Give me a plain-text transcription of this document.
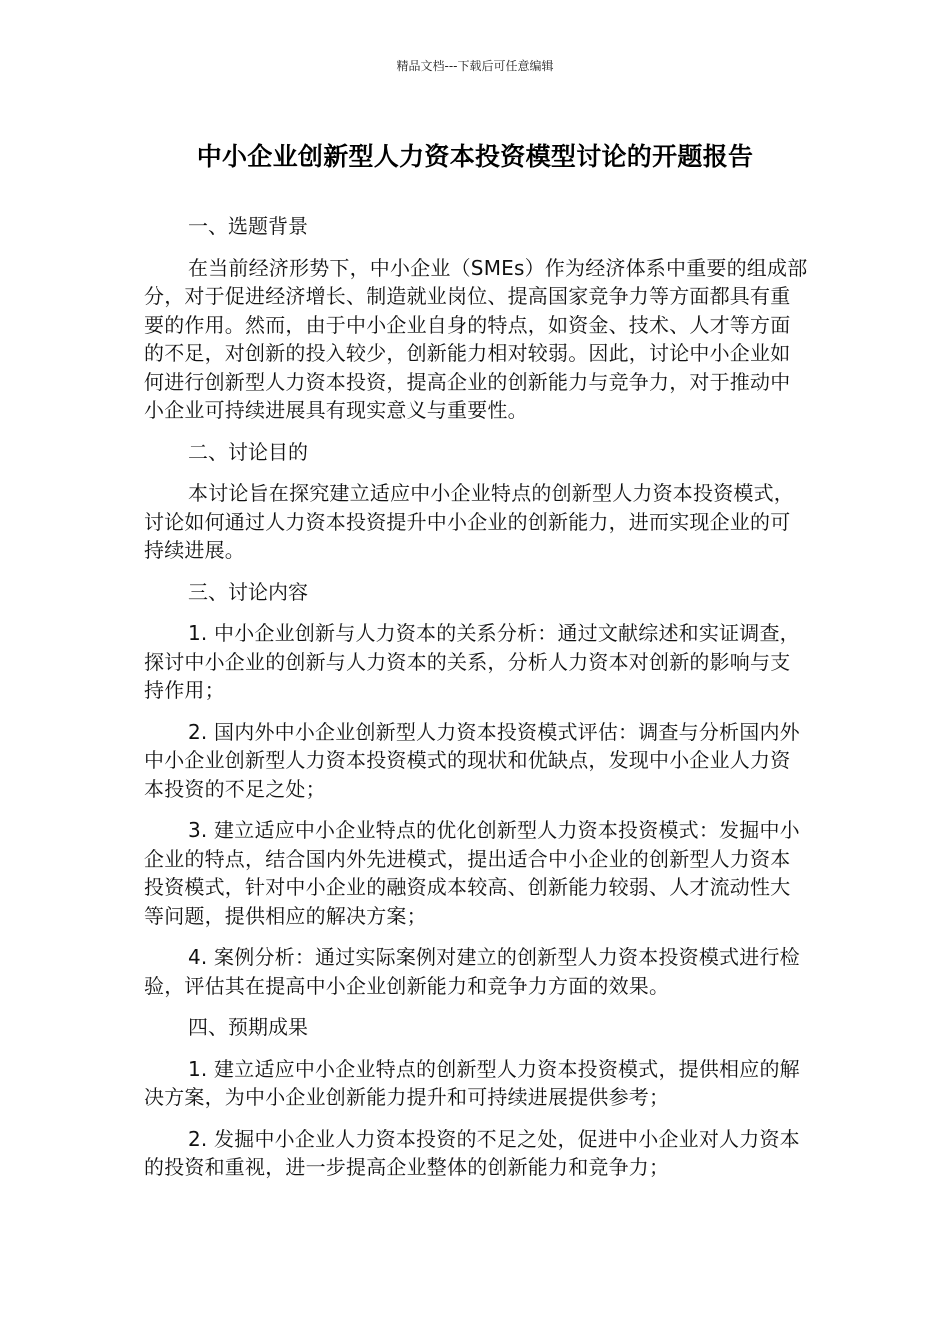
精品文档---下载后可任意编辑
中小企业创新型人力资本投资模型讨论的开题报告
一、选题背景
在当前经济形势下，中小企业（SMEs）作为经济体系中重要的组成部分，对于促进经济增长、制造就业岗位、提高国家竞争力等方面都具有重要的作用。然而，由于中小企业自身的特点，如资金、技术、人才等方面的不足，对创新的投入较少，创新能力相对较弱。因此，讨论中小企业如何进行创新型人力资本投资，提高企业的创新能力与竞争力，对于推动中小企业可持续进展具有现实意义与重要性。
二、讨论目的
本讨论旨在探究建立适应中小企业特点的创新型人力资本投资模式，讨论如何通过人力资本投资提升中小企业的创新能力，进而实现企业的可持续进展。
三、讨论内容
1. 中小企业创新与人力资本的关系分析：通过文献综述和实证调查，探讨中小企业的创新与人力资本的关系，分析人力资本对创新的影响与支持作用；
2. 国内外中小企业创新型人力资本投资模式评估：调查与分析国内外中小企业创新型人力资本投资模式的现状和优缺点，发现中小企业人力资本投资的不足之处；
3. 建立适应中小企业特点的优化创新型人力资本投资模式：发掘中小企业的特点，结合国内外先进模式，提出适合中小企业的创新型人力资本投资模式，针对中小企业的融资成本较高、创新能力较弱、人才流动性大等问题，提供相应的解决方案；
4. 案例分析：通过实际案例对建立的创新型人力资本投资模式进行检验，评估其在提高中小企业创新能力和竞争力方面的效果。
四、预期成果
1. 建立适应中小企业特点的创新型人力资本投资模式，提供相应的解决方案，为中小企业创新能力提升和可持续进展提供参考；
2. 发掘中小企业人力资本投资的不足之处，促进中小企业对人力资本的投资和重视，进一步提高企业整体的创新能力和竞争力；
